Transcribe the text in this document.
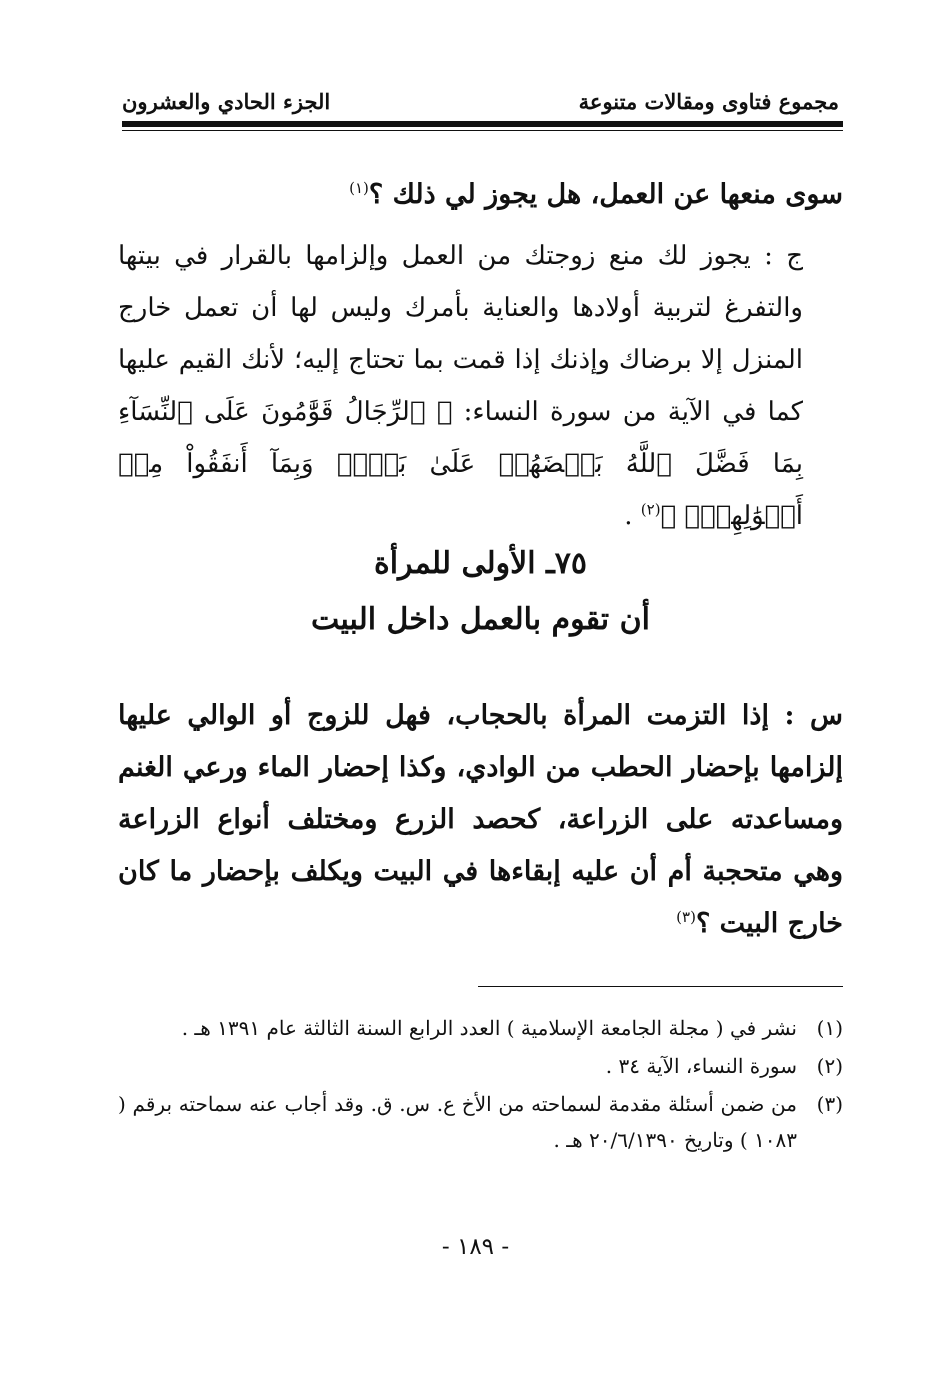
مجموع فتاوى ومقالات متنوعة
الجزء الحادي والعشرون

سوى منعها عن العمل، هل يجوز لي ذلك ؟$^{(١)}$

ج : يجوز لك منع زوجتك من العمل وإلزامها بالقرار في بيتها والتفرغ لتربية أولادها والعناية بأمرك وليس لها أن تعمل خارج المنزل إلا برضاك وإذنك إذا قمت بما تحتاج إليه؛ لأنك القيم عليها كما في الآية من سورة النساء: ﴿ ٱلرِّجَالُ قَوَّٰمُونَ عَلَى ٱلنِّسَآءِ بِمَا فَضَّلَ ٱللَّهُ بَعۡضَهُمۡ عَلَىٰ بَعۡضٖ وَبِمَآ أَنفَقُواْ مِنۡ أَمۡوَٰلِهِمۡۚ ﴾$^{(٢)}$ .

٧٥ـ الأولى للمرأة
أن تقوم بالعمل داخل البيت

س : إذا التزمت المرأة بالحجاب، فهل للزوج أو الوالي عليها إلزامها بإحضار الحطب من الوادي، وكذا إحضار الماء ورعي الغنم ومساعدته على الزراعة، كحصد الزرع ومختلف أنواع الزراعة وهي متحجبة أم أن عليه إبقاءها في البيت ويكلف بإحضار ما كان خارج البيت ؟$^{(٣)}$

(١)
نشر في ( مجلة الجامعة الإسلامية ) العدد الرابع السنة الثالثة عام ١٣٩١ هـ .
(٢)
سورة النساء، الآية ٣٤ .
(٣)
من ضمن أسئلة مقدمة لسماحته من الأخ ع. س. ق. وقد أجاب عنه سماحته برقم ( ١٠٨٣ ) وتاريخ ٢٠/٦/١٣٩٠ هـ .
- ١٨٩ -
